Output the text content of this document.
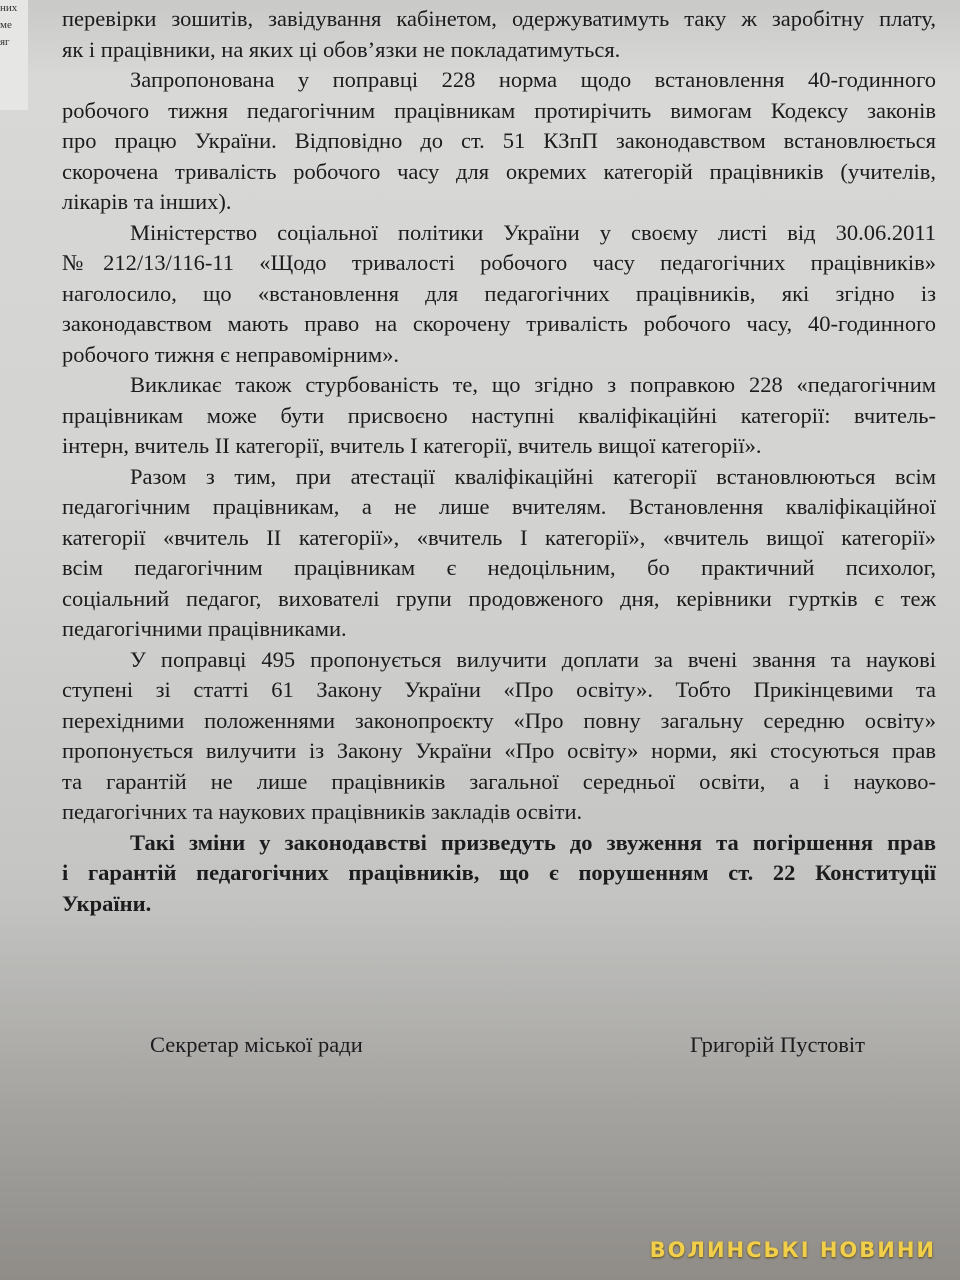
них
ме
яг
перевірки зошитів, завідування кабінетом, одержуватимуть таку ж заробітну плату,
як і працівники, на яких ці обов’язки не покладатимуться.
Запропонована у поправці 228 норма щодо встановлення 40-годинного
робочого тижня педагогічним працівникам протирічить вимогам Кодексу законів
про працю України. Відповідно до ст. 51 КЗпП законодавством встановлюється
скорочена тривалість робочого часу для окремих категорій працівників (учителів,
лікарів та інших).
Міністерство соціальної політики України у своєму листі від 30.06.2011
№212/13/116-11 «Щодо тривалості робочого часу педагогічних працівників»
наголосило, що «встановлення для педагогічних працівників, які згідно із
законодавством мають право на скорочену тривалість робочого часу, 40-годинного
робочого тижня є неправомірним».
Викликає також стурбованість те, що згідно з поправкою 228 «педагогічним
працівникам може бути присвоєно наступні кваліфікаційні категорії: вчитель-
інтерн, вчитель II категорії, вчитель I категорії, вчитель вищої категорії».
Разом з тим, при атестації кваліфікаційні категорії встановлюються всім
педагогічним працівникам, а не лише вчителям. Встановлення кваліфікаційної
категорії «вчитель II категорії», «вчитель I категорії», «вчитель вищої категорії»
всім педагогічним працівникам є недоцільним, бо практичний психолог,
соціальний педагог, вихователі групи продовженого дня, керівники гуртків є теж
педагогічними працівниками.
У поправці 495 пропонується вилучити доплати за вчені звання та наукові
ступені зі статті 61 Закону України «Про освіту». Тобто Прикінцевими та
перехідними положеннями законопроєкту «Про повну загальну середню освіту»
пропонується вилучити із Закону України «Про освіту» норми, які стосуються прав
та гарантій не лише працівників загальної середньої освіти, а і науково-
педагогічних та наукових працівників закладів освіти.
Такі зміни у законодавстві призведуть до звуження та погіршення прав
і гарантій педагогічних працівників, що є порушенням ст. 22 Конституції
України.
Секретар міської ради	Григорій Пустовіт
ВОЛИНСЬКІ НОВИНИ
